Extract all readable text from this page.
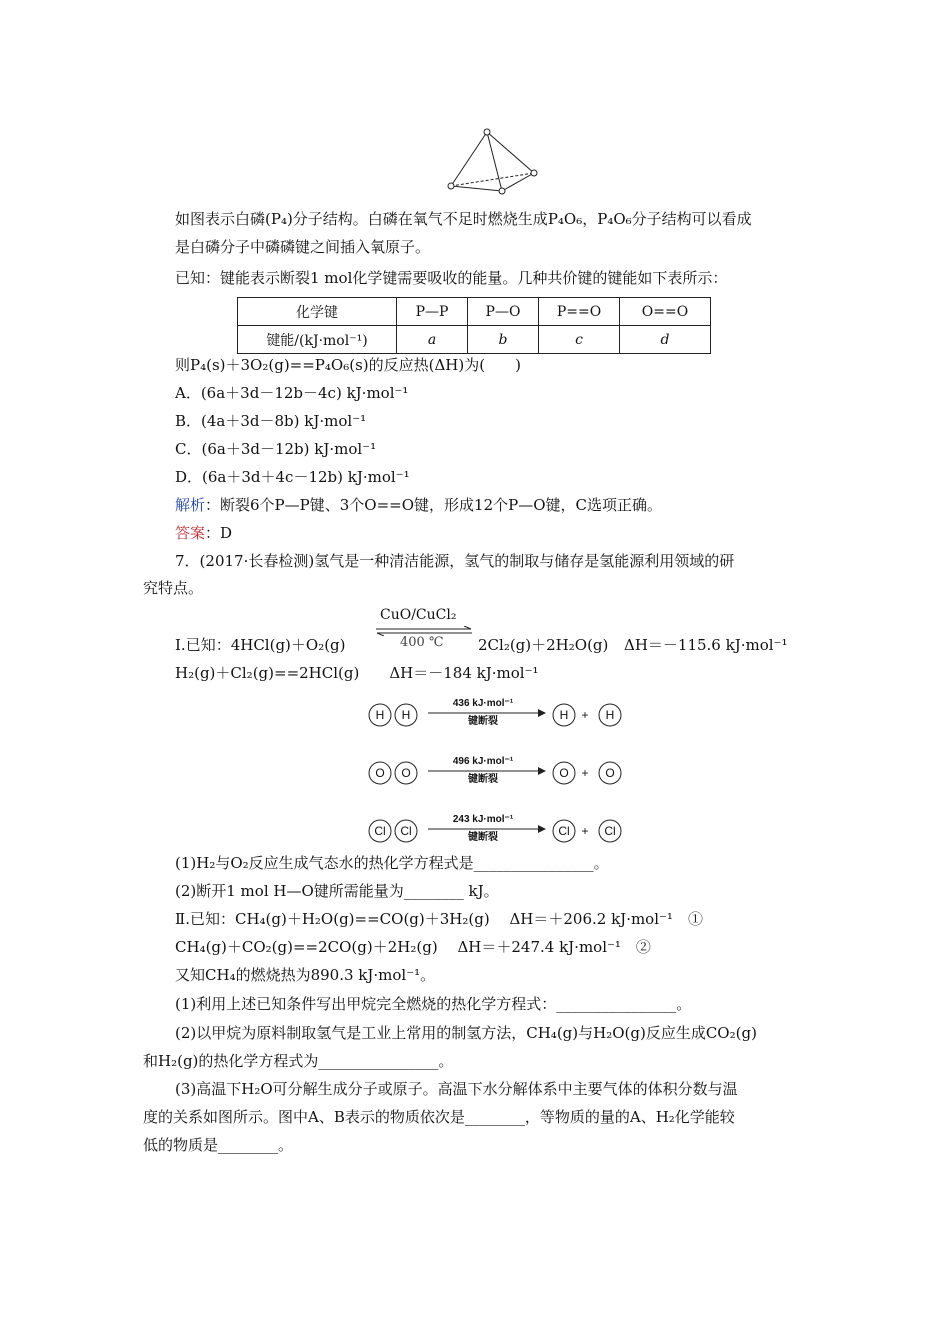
如图表示白磷(P₄)分子结构。白磷在氧气不足时燃烧生成P₄O₆，P₄O₆分子结构可以看成
是白磷分子中磷磷键之间插入氧原子。
已知：键能表示断裂1 mol化学键需要吸收的能量。几种共价键的键能如下表所示：
化学键	P—P	P—O	P==O	O==O
键能/(kJ·mol⁻¹)	a	b	c	d
则P₄(s)＋3O₂(g)==P₄O₆(s)的反应热(ΔH)为(　　)
A．(6a＋3d－12b－4c) kJ·mol⁻¹
B．(4a＋3d－8b) kJ·mol⁻¹
C．(6a＋3d－12b) kJ·mol⁻¹
D．(6a＋3d＋4c－12b) kJ·mol⁻¹
解析：断裂6个P—P键、3个O==O键，形成12个P—O键，C选项正确。
答案：D
7．(2017·长春检测)氢气是一种清洁能源，氢气的制取与储存是氢能源利用领域的研
究特点。
Ⅰ.已知：4HCl(g)＋O₂(g)
CuO/CuCl₂
400 ℃ 2Cl₂(g)＋2H₂O(g) ΔH＝－115.6 kJ·mol⁻¹
H₂(g)＋Cl₂(g)==2HCl(g)　　ΔH＝－184 kJ·mol⁻¹
H H	H	H
+
436 kJ·mol⁻¹
键断裂
O O	O	O
+
496 kJ·mol⁻¹
键断裂
Cl Cl	Cl	Cl
+
243 kJ·mol⁻¹
键断裂
(1)H₂与O₂反应生成气态水的热化学方程式是________________。
(2)断开1 mol H—O键所需能量为________ kJ。
Ⅱ.已知：CH₄(g)＋H₂O(g)==CO(g)＋3H₂(g)　 ΔH＝＋206.2 kJ·mol⁻¹　①
CH₄(g)＋CO₂(g)==2CO(g)＋2H₂(g)　 ΔH＝＋247.4 kJ·mol⁻¹　②
又知CH₄的燃烧热为890.3 kJ·mol⁻¹。
(1)利用上述已知条件写出甲烷完全燃烧的热化学方程式：________________。
(2)以甲烷为原料制取氢气是工业上常用的制氢方法，CH₄(g)与H₂O(g)反应生成CO₂(g)
和H₂(g)的热化学方程式为________________。
(3)高温下H₂O可分解生成分子或原子。高温下水分解体系中主要气体的体积分数与温
度的关系如图所示。图中A、B表示的物质依次是________，等物质的量的A、H₂化学能较
低的物质是________。
